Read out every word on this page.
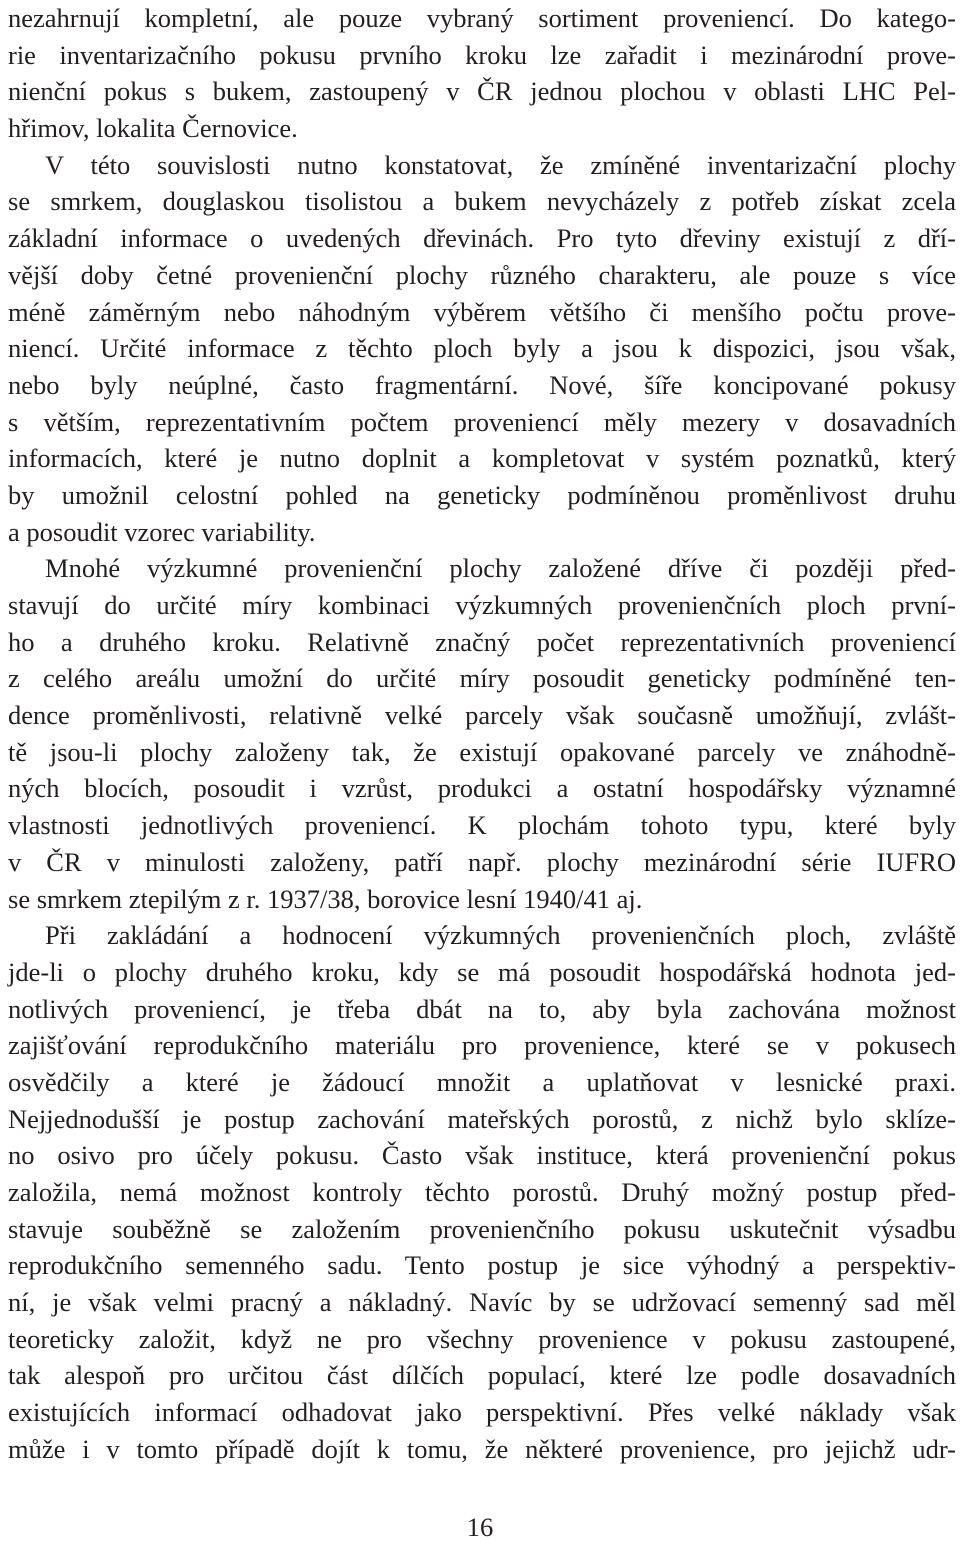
nezahrnují kompletní, ale pouze vybraný sortiment proveniencí. Do katego-
rie inventarizačního pokusu prvního kroku lze zařadit i mezinárodní prove-
nienční pokus s bukem, zastoupený v ČR jednou plochou v oblasti LHC Pel-
hřimov, lokalita Černovice.
V této souvislosti nutno konstatovat, že zmíněné inventarizační plochy
se smrkem, douglaskou tisolistou a bukem nevycházely z potřeb získat zcela
základní informace o uvedených dřevinách. Pro tyto dřeviny existují z dří-
vější doby četné provenienční plochy různého charakteru, ale pouze s více
méně záměrným nebo náhodným výběrem většího či menšího počtu prove-
niencí. Určité informace z těchto ploch byly a jsou k dispozici, jsou však,
nebo byly neúplné, často fragmentární. Nové, šíře koncipované pokusy
s větším, reprezentativním počtem proveniencí měly mezery v dosavadních
informacích, které je nutno doplnit a kompletovat v systém poznatků, který
by umožnil celostní pohled na geneticky podmíněnou proměnlivost druhu
a posoudit vzorec variability.
Mnohé výzkumné provenienční plochy založené dříve či později před-
stavují do určité míry kombinaci výzkumných provenienčních ploch první-
ho a druhého kroku. Relativně značný počet reprezentativních proveniencí
z celého areálu umožní do určité míry posoudit geneticky podmíněné ten-
dence proměnlivosti, relativně velké parcely však současně umožňují, zvlášt-
tě jsou-li plochy založeny tak, že existují opakované parcely ve znáhodně-
ných blocích, posoudit i vzrůst, produkci a ostatní hospodářsky významné
vlastnosti jednotlivých proveniencí. K plochám tohoto typu, které byly
v ČR v minulosti založeny, patří např. plochy mezinárodní série IUFRO
se smrkem ztepilým z r. 1937/38, borovice lesní 1940/41 aj.
Při zakládání a hodnocení výzkumných provenienčních ploch, zvláště
jde-li o plochy druhého kroku, kdy se má posoudit hospodářská hodnota jed-
notlivých proveniencí, je třeba dbát na to, aby byla zachována možnost
zajišťování reprodukčního materiálu pro provenience, které se v pokusech
osvědčily a které je žádoucí množit a uplatňovat v lesnické praxi.
Nejjednodušší je postup zachování mateřských porostů, z nichž bylo sklíze-
no osivo pro účely pokusu. Často však instituce, která provenienční pokus
založila, nemá možnost kontroly těchto porostů. Druhý možný postup před-
stavuje souběžně se založením provenienčního pokusu uskutečnit výsadbu
reprodukčního semenného sadu. Tento postup je sice výhodný a perspektiv-
ní, je však velmi pracný a nákladný. Navíc by se udržovací semenný sad měl
teoreticky založit, když ne pro všechny provenience v pokusu zastoupené,
tak alespoň pro určitou část dílčích populací, které lze podle dosavadních
existujících informací odhadovat jako perspektivní. Přes velké náklady však
může i v tomto případě dojít k tomu, že některé provenience, pro jejichž udr-
16
